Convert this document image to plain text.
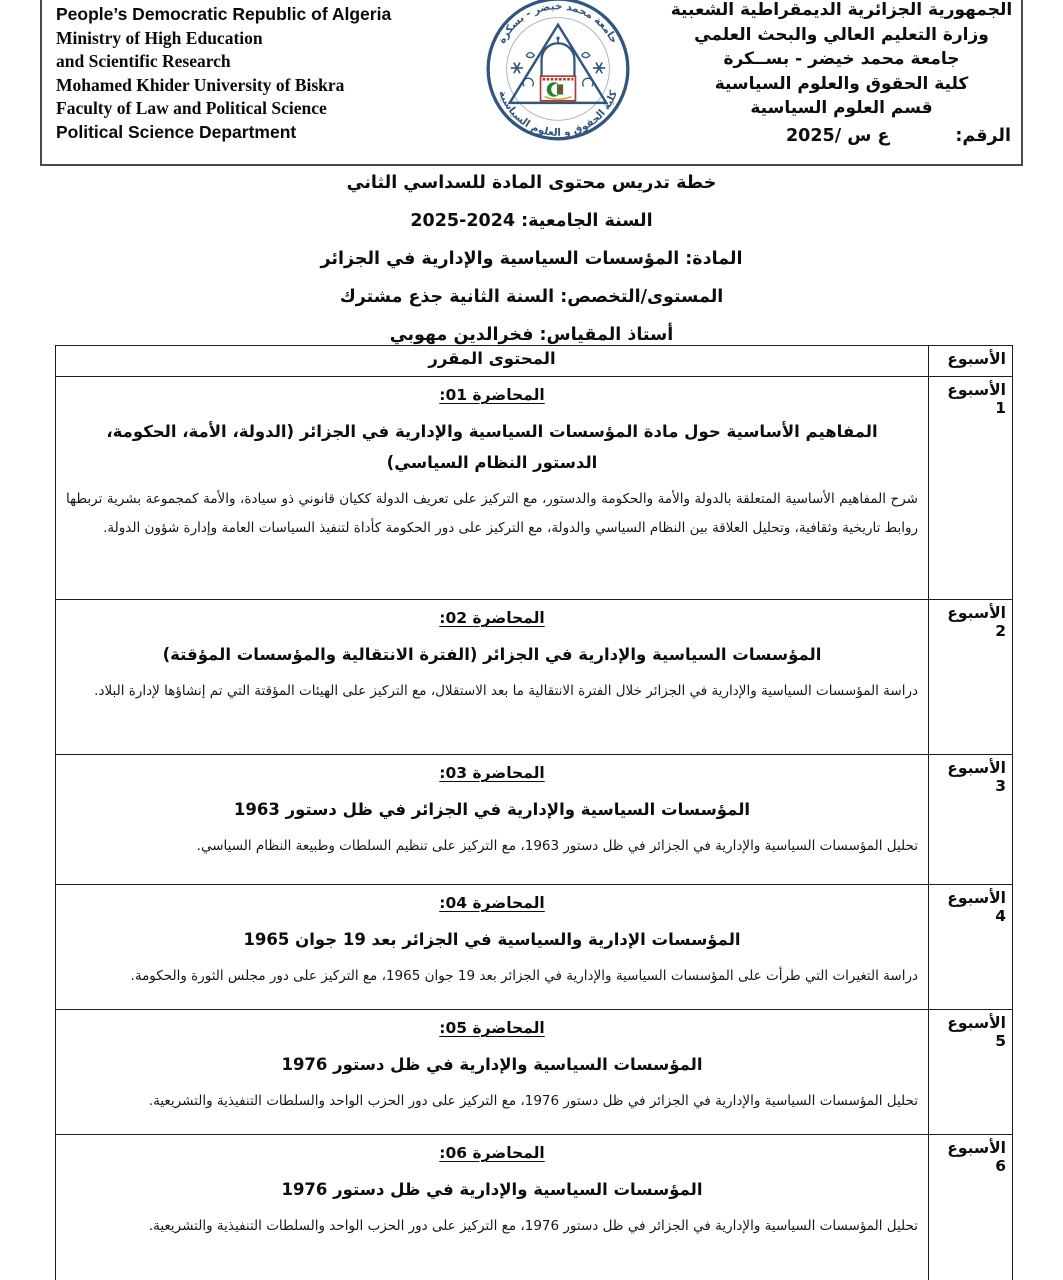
People’s Democratic Republic of Algeria
Ministry of High Education
and Scientific Research
Mohamed Khider University of Biskra
Faculty of Law and Political Science
Political Science Department
جامعة محمد خيضر - بسكرة
كلية الحقوق و العلوم السياسية
الجمهورية الجزائرية الديمقراطية الشعبية
وزارة التعليم العالي والبحث العلمي
جامعة محمد خيضر - بســكرة
كلية الحقوق والعلوم السياسية
قسم العلوم السياسية
الرقم:
ع س /2025
خطة تدريس محتوى المادة للسداسي الثاني
السنة الجامعية: 2024‏-2025
المادة: المؤسسات السياسية والإدارية في الجزائر
المستوى/التخصص: السنة الثانية جذع مشترك
أستاذ المقياس: فخرالدين مهوبي
الأسبوع	المحتوى المقرر
الأسبوع 1	المحاضرة 01:
المفاهيم الأساسية حول مادة المؤسسات السياسية والإدارية في الجزائر (الدولة، الأمة، الحكومة، الدستور النظام السياسي)
شرح المفاهيم الأساسية المتعلقة بالدولة والأمة والحكومة والدستور، مع التركيز على تعريف الدولة ككيان قانوني ذو سيادة، والأمة كمجموعة بشرية تربطها روابط تاريخية وثقافية، وتحليل العلاقة بين النظام السياسي والدولة، مع التركيز على دور الحكومة كأداة لتنفيذ السياسات العامة وإدارة شؤون الدولة.

الأسبوع 2	المحاضرة 02:
المؤسسات السياسية والإدارية في الجزائر (الفترة الانتقالية والمؤسسات المؤقتة)
دراسة المؤسسات السياسية والإدارية في الجزائر خلال الفترة الانتقالية ما بعد الاستقلال، مع التركيز على الهيئات المؤقتة التي تم إنشاؤها لإدارة البلاد.

الأسبوع 3	المحاضرة 03:
المؤسسات السياسية والإدارية في الجزائر في ظل دستور 1963
تحليل المؤسسات السياسية والإدارية في الجزائر في ظل دستور 1963، مع التركيز على تنظيم السلطات وطبيعة النظام السياسي.

الأسبوع 4	المحاضرة 04:
المؤسسات الإدارية والسياسية في الجزائر بعد 19 جوان 1965
دراسة التغيرات التي طرأت على المؤسسات السياسية والإدارية في الجزائر بعد 19 جوان 1965، مع التركيز على دور مجلس الثورة والحكومة.

الأسبوع 5	المحاضرة 05:
المؤسسات السياسية والإدارية في ظل دستور 1976
تحليل المؤسسات السياسية والإدارية في الجزائر في ظل دستور 1976، مع التركيز على دور الحزب الواحد والسلطات التنفيذية والتشريعية.

الأسبوع 6	المحاضرة 06:
المؤسسات السياسية والإدارية في ظل دستور 1976
تحليل المؤسسات السياسية والإدارية في الجزائر في ظل دستور 1976، مع التركيز على دور الحزب الواحد والسلطات التنفيذية والتشريعية.
